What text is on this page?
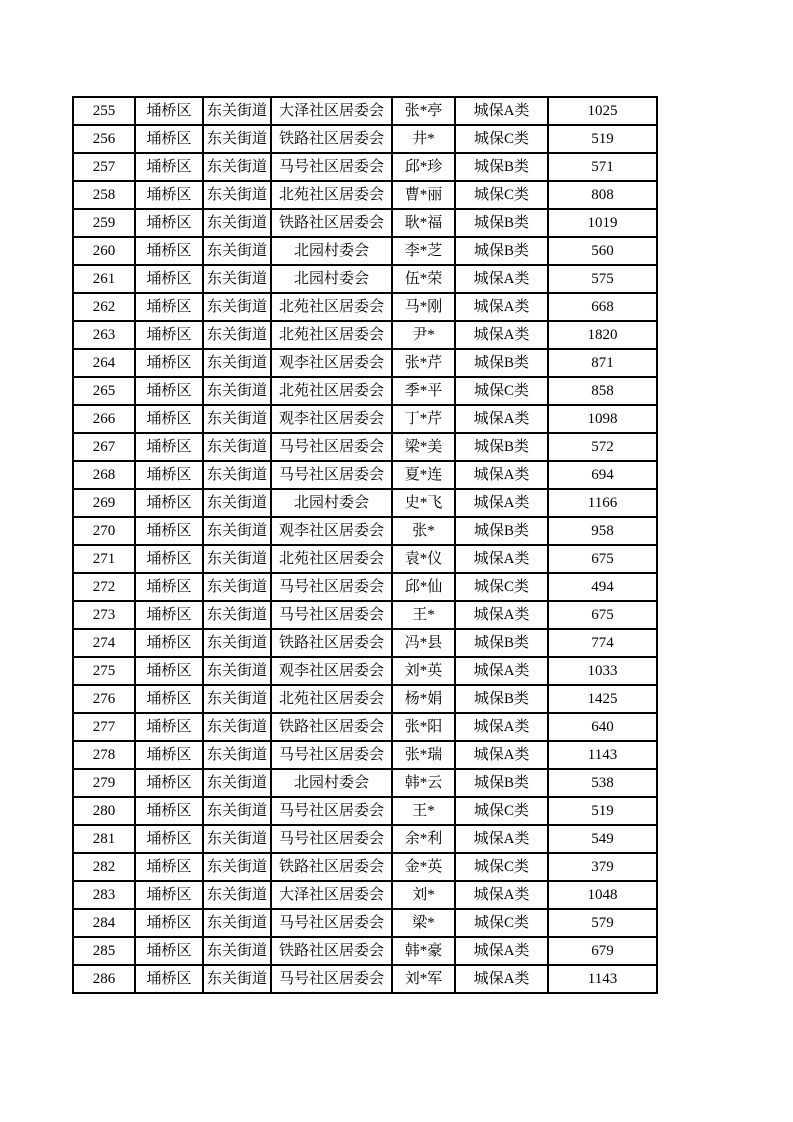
255	埇桥区	东关街道	大泽社区居委会	张*亭	城保A类	1025
256	埇桥区	东关街道	铁路社区居委会	井*	城保C类	519
257	埇桥区	东关街道	马号社区居委会	邱*珍	城保B类	571
258	埇桥区	东关街道	北苑社区居委会	曹*丽	城保C类	808
259	埇桥区	东关街道	铁路社区居委会	耿*福	城保B类	1019
260	埇桥区	东关街道	北园村委会	李*芝	城保B类	560
261	埇桥区	东关街道	北园村委会	伍*荣	城保A类	575
262	埇桥区	东关街道	北苑社区居委会	马*刚	城保A类	668
263	埇桥区	东关街道	北苑社区居委会	尹*	城保A类	1820
264	埇桥区	东关街道	观李社区居委会	张*芹	城保B类	871
265	埇桥区	东关街道	北苑社区居委会	季*平	城保C类	858
266	埇桥区	东关街道	观李社区居委会	丁*芹	城保A类	1098
267	埇桥区	东关街道	马号社区居委会	梁*美	城保B类	572
268	埇桥区	东关街道	马号社区居委会	夏*连	城保A类	694
269	埇桥区	东关街道	北园村委会	史*飞	城保A类	1166
270	埇桥区	东关街道	观李社区居委会	张*	城保B类	958
271	埇桥区	东关街道	北苑社区居委会	袁*仪	城保A类	675
272	埇桥区	东关街道	马号社区居委会	邱*仙	城保C类	494
273	埇桥区	东关街道	马号社区居委会	王*	城保A类	675
274	埇桥区	东关街道	铁路社区居委会	冯*县	城保B类	774
275	埇桥区	东关街道	观李社区居委会	刘*英	城保A类	1033
276	埇桥区	东关街道	北苑社区居委会	杨*娟	城保B类	1425
277	埇桥区	东关街道	铁路社区居委会	张*阳	城保A类	640
278	埇桥区	东关街道	马号社区居委会	张*瑞	城保A类	1143
279	埇桥区	东关街道	北园村委会	韩*云	城保B类	538
280	埇桥区	东关街道	马号社区居委会	王*	城保C类	519
281	埇桥区	东关街道	马号社区居委会	余*利	城保A类	549
282	埇桥区	东关街道	铁路社区居委会	金*英	城保C类	379
283	埇桥区	东关街道	大泽社区居委会	刘*	城保A类	1048
284	埇桥区	东关街道	马号社区居委会	梁*	城保C类	579
285	埇桥区	东关街道	铁路社区居委会	韩*豪	城保A类	679
286	埇桥区	东关街道	马号社区居委会	刘*军	城保A类	1143
